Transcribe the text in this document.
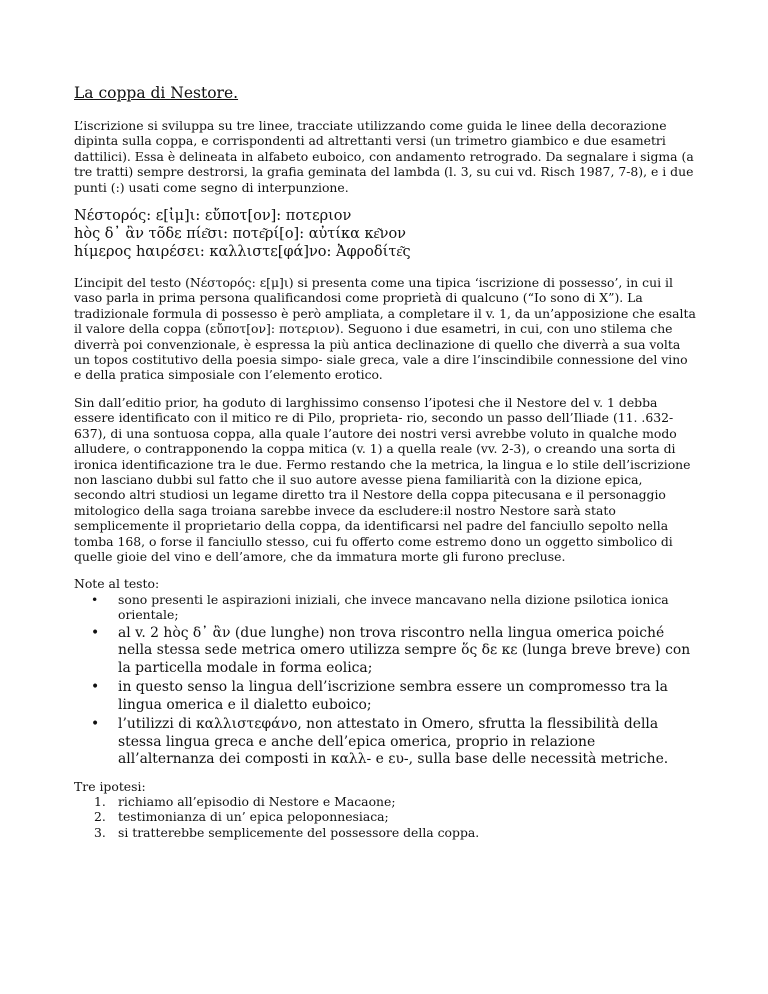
La coppa di Nestore.

L’iscrizione si sviluppa su tre linee, tracciate utilizzando come guida le linee della decorazione dipinta sulla coppa, e corrispondenti ad altrettanti versi (un trimetro giambico e due esametri dattilici). Essa è delineata in alfabeto euboico, con andamento retrogrado. Da segnalare i sigma (a tre tratti) sempre destrorsi, la grafia geminata del lambda (l. 3, su cui vd. Risch 1987, 7-8), e i due punti (:) usati come segno di interpunzione.

Νέστορός: ε[ἰμ]ι: εὔποτ[ον]: ποτεριον
hὸς δ᾽ ἂν τõδε πίε͂σι: ποτε͂ρί[ο]: αὐτίκα κε͂νον
hίμερος hαιρέσει: καλλιστε[φά]νο: Ἀφροδίτε͂ς

L’incipit del testo (Νέστορός: ε[μ]ι) si presenta come una tipica ‘iscrizione di possesso’, in cui il vaso parla in prima persona qualificandosi come proprietà di qualcuno (“Io sono di X”). La tradizionale formula di possesso è però ampliata, a completare il v. 1, da un’apposizione che esalta il valore della coppa (εὔποτ[ον]: ποτεριον). Seguono i due esametri, in cui, con uno stilema che diverrà poi convenzionale, è espressa la più antica declinazione di quello che diverrà a sua volta un topos costitutivo della poesia simpo- siale greca, vale a dire l’inscindibile connessione del vino e della pratica simposiale con l’elemento erotico.

Sin dall’editio prior, ha goduto di larghissimo consenso l’ipotesi che il Nestore del v. 1 debba essere identificato con il mitico re di Pilo, proprieta- rio, secondo un passo dell’Iliade (11. .632-637), di una sontuosa coppa, alla quale l’autore dei nostri versi avrebbe voluto in qualche modo alludere, o contrapponendo la coppa mitica (v. 1) a quella reale (vv. 2-3), o creando una sorta di ironica identificazione tra le due. Fermo restando che la metrica, la lingua e lo stile dell’iscrizione non lasciano dubbi sul fatto che il suo autore avesse piena familiarità con la dizione epica, secondo altri studiosi un legame diretto tra il Nestore della coppa pitecusana e il personaggio mitologico della saga troiana sarebbe invece da escludere:il nostro Nestore sarà stato semplicemente il proprietario della coppa, da identificarsi nel padre del fanciullo sepolto nella tomba 168, o forse il fanciullo stesso, cui fu offerto come estremo dono un oggetto simbolico di quelle gioie del vino e dell’amore, che da immatura morte gli furono precluse.

Note al testo:

• sono presenti le aspirazioni iniziali, che invece mancavano nella dizione psilotica ionica orientale;
• al v. 2 hὸς δ᾽ ἂν (due lunghe) non trova riscontro nella lingua omerica poiché nella stessa sede metrica omero utilizza sempre ὅς δε κε (lunga breve breve) con la particella modale in forma eolica;
• in questo senso la lingua dell’iscrizione sembra essere un compromesso tra la lingua omerica e il dialetto euboico;
• l’utilizzi di καλλιστεφάνο, non attestato in Omero, sfrutta la flessibilità della stessa lingua greca e anche dell’epica omerica, proprio in relazione all’alternanza dei composti in καλλ- e ευ-, sulla base delle necessità metriche.

Tre ipotesi:

1. richiamo all’episodio di Nestore e Macaone;
2. testimonianza di un’ epica peloponnesiaca;
3. si tratterebbe semplicemente del possessore della coppa.
